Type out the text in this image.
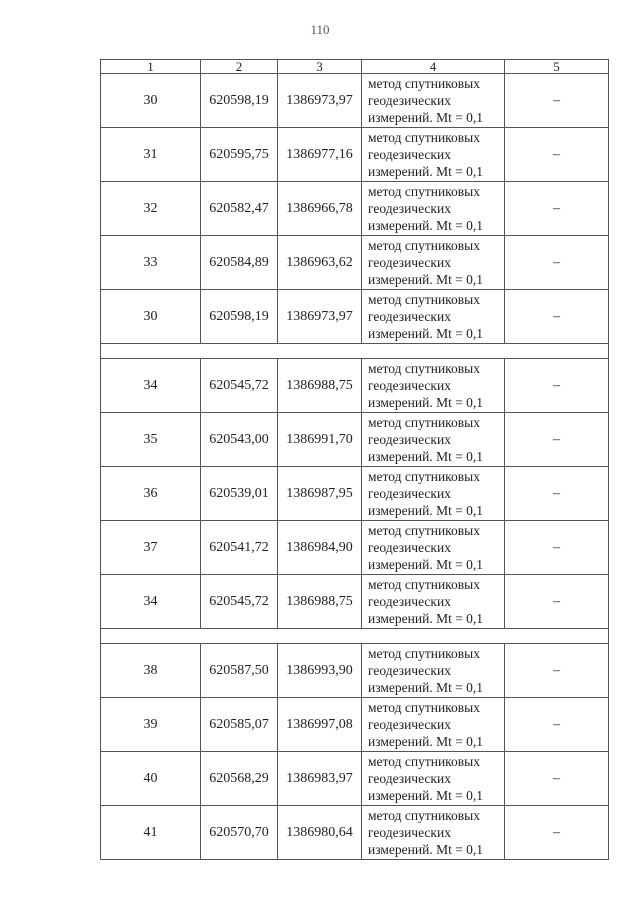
110
1	2	3	4	5
30	620598,19	1386973,97	метод спутниковых
геодезических
измерений. Mt = 0,1	–
31	620595,75	1386977,16	метод спутниковых
геодезических
измерений. Mt = 0,1	–
32	620582,47	1386966,78	метод спутниковых
геодезических
измерений. Mt = 0,1	–
33	620584,89	1386963,62	метод спутниковых
геодезических
измерений. Mt = 0,1	–
30	620598,19	1386973,97	метод спутниковых
геодезических
измерений. Mt = 0,1	–

34	620545,72	1386988,75	метод спутниковых
геодезических
измерений. Mt = 0,1	–
35	620543,00	1386991,70	метод спутниковых
геодезических
измерений. Mt = 0,1	–
36	620539,01	1386987,95	метод спутниковых
геодезических
измерений. Mt = 0,1	–
37	620541,72	1386984,90	метод спутниковых
геодезических
измерений. Mt = 0,1	–
34	620545,72	1386988,75	метод спутниковых
геодезических
измерений. Mt = 0,1	–

38	620587,50	1386993,90	метод спутниковых
геодезических
измерений. Mt = 0,1	–
39	620585,07	1386997,08	метод спутниковых
геодезических
измерений. Mt = 0,1	–
40	620568,29	1386983,97	метод спутниковых
геодезических
измерений. Mt = 0,1	–
41	620570,70	1386980,64	метод спутниковых
геодезических
измерений. Mt = 0,1	–
